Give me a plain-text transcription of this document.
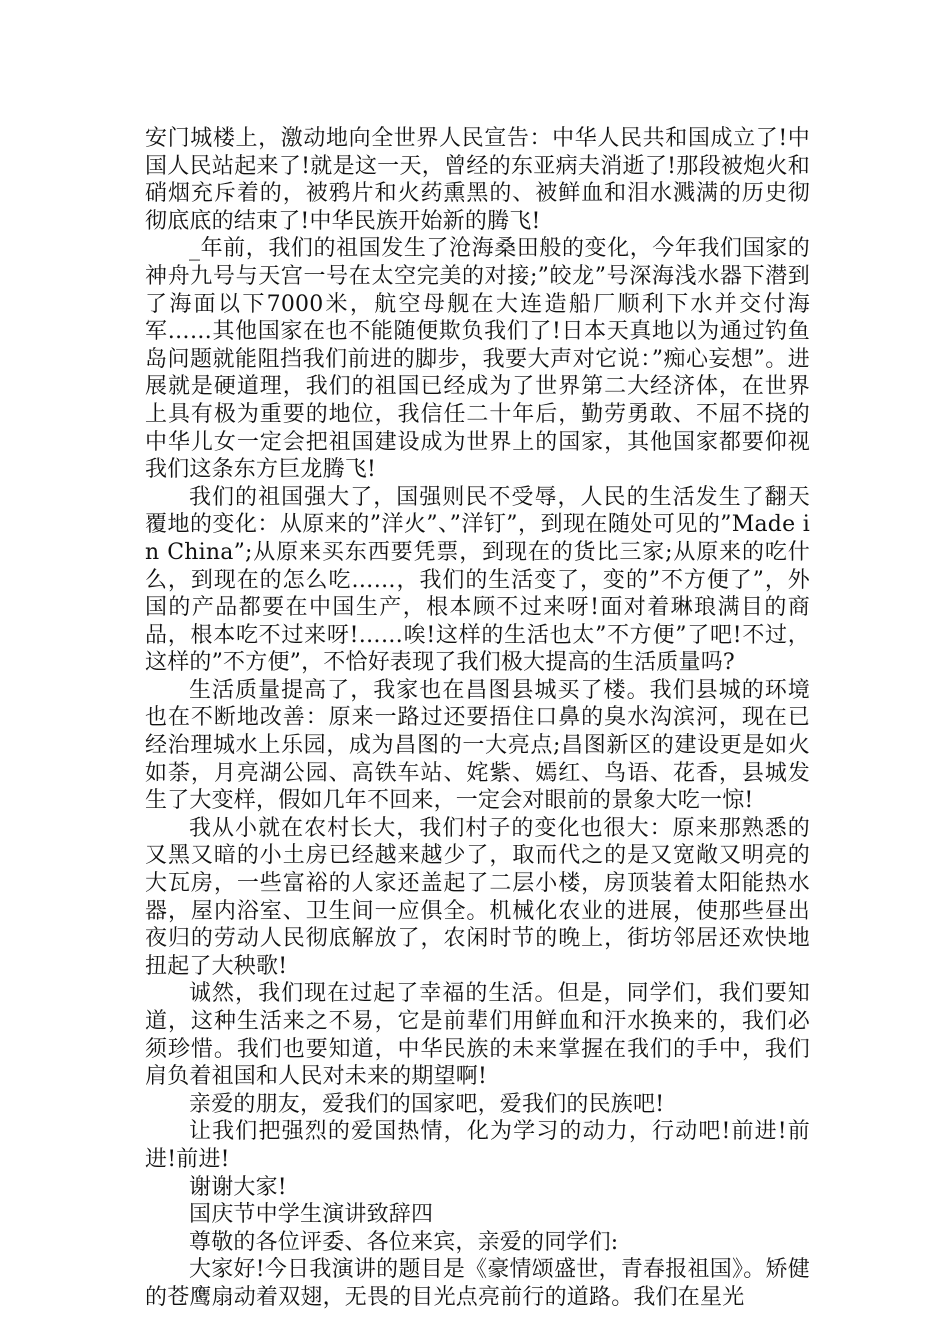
安门城楼上，激动地向全世界人民宣告：中华人民共和国成立了!中国人民站起来了!就是这一天，曾经的东亚病夫消逝了!那段被炮火和硝烟充斥着的，被鸦片和火药熏黑的、被鲜血和泪水溅满的历史彻彻底底的结束了!中华民族开始新的腾飞!

_年前，我们的祖国发生了沧海桑田般的变化，今年我们国家的神舟九号与天宫一号在太空完美的对接;”皎龙”号深海浅水器下潜到了海面以下7000米，航空母舰在大连造船厂顺利下水并交付海军……其他国家在也不能随便欺负我们了!日本天真地以为通过钓鱼岛问题就能阻挡我们前进的脚步，我要大声对它说：”痴心妄想”。进展就是硬道理，我们的祖国已经成为了世界第二大经济体，在世界上具有极为重要的地位，我信任二十年后，勤劳勇敢、不屈不挠的中华儿女一定会把祖国建设成为世界上的国家，其他国家都要仰视我们这条东方巨龙腾飞!

我们的祖国强大了，国强则民不受辱，人民的生活发生了翻天覆地的变化：从原来的”洋火”、”洋钉”，到现在随处可见的”Made in China”;从原来买东西要凭票，到现在的货比三家;从原来的吃什么，到现在的怎么吃……，我们的生活变了，变的”不方便了”，外国的产品都要在中国生产，根本顾不过来呀!面对着琳琅满目的商品，根本吃不过来呀!……唉!这样的生活也太”不方便”了吧!不过，这样的”不方便”，不恰好表现了我们极大提高的生活质量吗?

生活质量提高了，我家也在昌图县城买了楼。我们县城的环境也在不断地改善：原来一路过还要捂住口鼻的臭水沟滨河，现在已经治理城水上乐园，成为昌图的一大亮点;昌图新区的建设更是如火如荼，月亮湖公园、高铁车站、姹紫、嫣红、鸟语、花香，县城发生了大变样，假如几年不回来，一定会对眼前的景象大吃一惊!

我从小就在农村长大，我们村子的变化也很大：原来那熟悉的又黑又暗的小土房已经越来越少了，取而代之的是又宽敞又明亮的大瓦房，一些富裕的人家还盖起了二层小楼，房顶装着太阳能热水器，屋内浴室、卫生间一应俱全。机械化农业的进展，使那些昼出夜归的劳动人民彻底解放了，农闲时节的晚上，街坊邻居还欢快地扭起了大秧歌!

诚然，我们现在过起了幸福的生活。但是，同学们，我们要知道，这种生活来之不易，它是前辈们用鲜血和汗水换来的，我们必须珍惜。我们也要知道，中华民族的未来掌握在我们的手中，我们肩负着祖国和人民对未来的期望啊!

亲爱的朋友，爱我们的国家吧，爱我们的民族吧!

让我们把强烈的爱国热情，化为学习的动力，行动吧!前进!前进!前进!

谢谢大家!

国庆节中学生演讲致辞四

尊敬的各位评委、各位来宾，亲爱的同学们:

大家好!今日我演讲的题目是《豪情颂盛世，青春报祖国》。矫健的苍鹰扇动着双翅，无畏的目光点亮前行的道路。我们在星光
